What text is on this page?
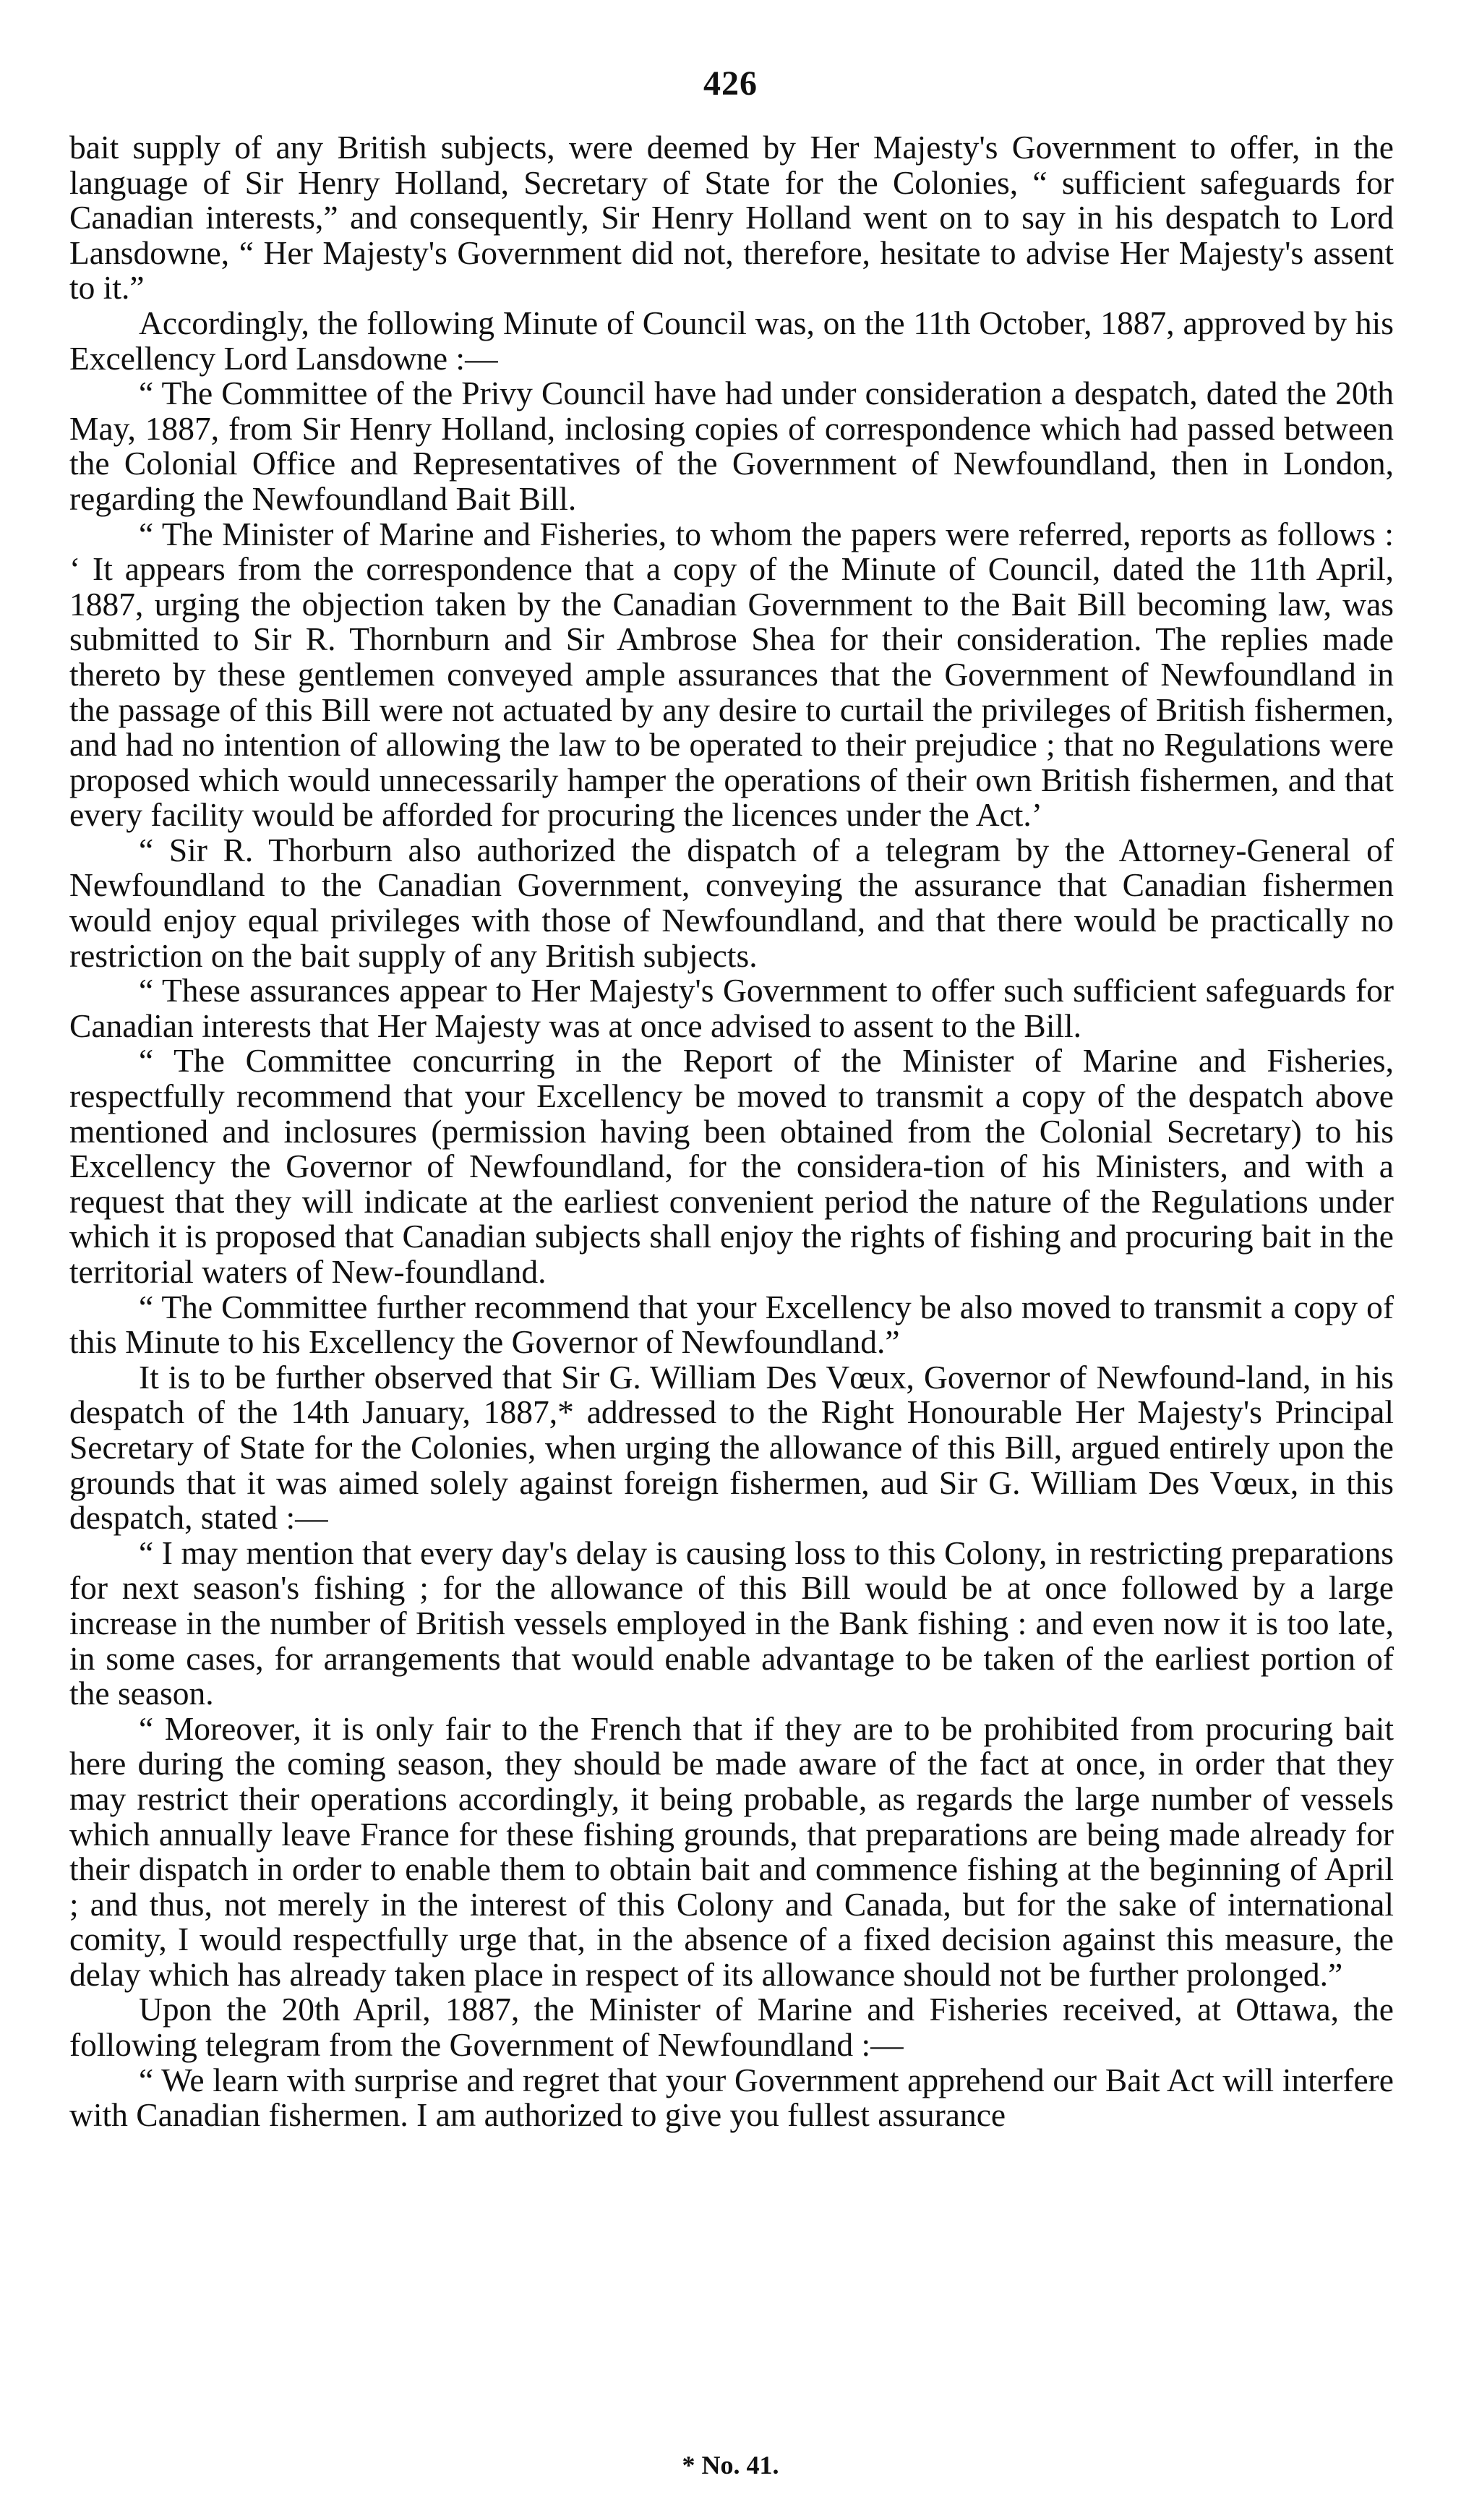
426

bait supply of any British subjects, were deemed by Her Majesty's Government to offer, in the language of Sir Henry Holland, Secretary of State for the Colonies, “ sufficient safeguards for Canadian interests,” and consequently, Sir Henry Holland went on to say in his despatch to Lord Lansdowne, “ Her Majesty's Government did not, therefore, hesitate to advise Her Majesty's assent to it.”

Accordingly, the following Minute of Council was, on the 11th October, 1887, approved by his Excellency Lord Lansdowne :—

“ The Committee of the Privy Council have had under consideration a despatch, dated the 20th May, 1887, from Sir Henry Holland, inclosing copies of correspondence which had passed between the Colonial Office and Representatives of the Government of Newfoundland, then in London, regarding the Newfoundland Bait Bill.

“ The Minister of Marine and Fisheries, to whom the papers were referred, reports as follows : ‘ It appears from the correspondence that a copy of the Minute of Council, dated the 11th April, 1887, urging the objection taken by the Canadian Government to the Bait Bill becoming law, was submitted to Sir R. Thornburn and Sir Ambrose Shea for their consideration. The replies made thereto by these gentlemen conveyed ample assurances that the Government of Newfoundland in the passage of this Bill were not actuated by any desire to curtail the privileges of British fishermen, and had no intention of allowing the law to be operated to their prejudice ; that no Regulations were proposed which would unnecessarily hamper the operations of their own British fishermen, and that every facility would be afforded for procuring the licences under the Act.’

“ Sir R. Thorburn also authorized the dispatch of a telegram by the Attorney-General of Newfoundland to the Canadian Government, conveying the assurance that Canadian fishermen would enjoy equal privileges with those of Newfoundland, and that there would be practically no restriction on the bait supply of any British subjects.

“ These assurances appear to Her Majesty's Government to offer such sufficient safeguards for Canadian interests that Her Majesty was at once advised to assent to the Bill.

“ The Committee concurring in the Report of the Minister of Marine and Fisheries, respectfully recommend that your Excellency be moved to transmit a copy of the despatch above mentioned and inclosures (permission having been obtained from the Colonial Secretary) to his Excellency the Governor of Newfoundland, for the considera-tion of his Ministers, and with a request that they will indicate at the earliest convenient period the nature of the Regulations under which it is proposed that Canadian subjects shall enjoy the rights of fishing and procuring bait in the territorial waters of New-foundland.

“ The Committee further recommend that your Excellency be also moved to transmit a copy of this Minute to his Excellency the Governor of Newfoundland.”

It is to be further observed that Sir G. William Des Vœux, Governor of Newfound-land, in his despatch of the 14th January, 1887,* addressed to the Right Honourable Her Majesty's Principal Secretary of State for the Colonies, when urging the allowance of this Bill, argued entirely upon the grounds that it was aimed solely against foreign fishermen, aud Sir G. William Des Vœux, in this despatch, stated :—

“ I may mention that every day's delay is causing loss to this Colony, in restricting preparations for next season's fishing ; for the allowance of this Bill would be at once followed by a large increase in the number of British vessels employed in the Bank fishing : and even now it is too late, in some cases, for arrangements that would enable advantage to be taken of the earliest portion of the season.

“ Moreover, it is only fair to the French that if they are to be prohibited from procuring bait here during the coming season, they should be made aware of the fact at once, in order that they may restrict their operations accordingly, it being probable, as regards the large number of vessels which annually leave France for these fishing grounds, that preparations are being made already for their dispatch in order to enable them to obtain bait and commence fishing at the beginning of April ; and thus, not merely in the interest of this Colony and Canada, but for the sake of international comity, I would respectfully urge that, in the absence of a fixed decision against this measure, the delay which has already taken place in respect of its allowance should not be further prolonged.”

Upon the 20th April, 1887, the Minister of Marine and Fisheries received, at Ottawa, the following telegram from the Government of Newfoundland :—

“ We learn with surprise and regret that your Government apprehend our Bait Act will interfere with Canadian fishermen. I am authorized to give you fullest assurance

* No. 41.
